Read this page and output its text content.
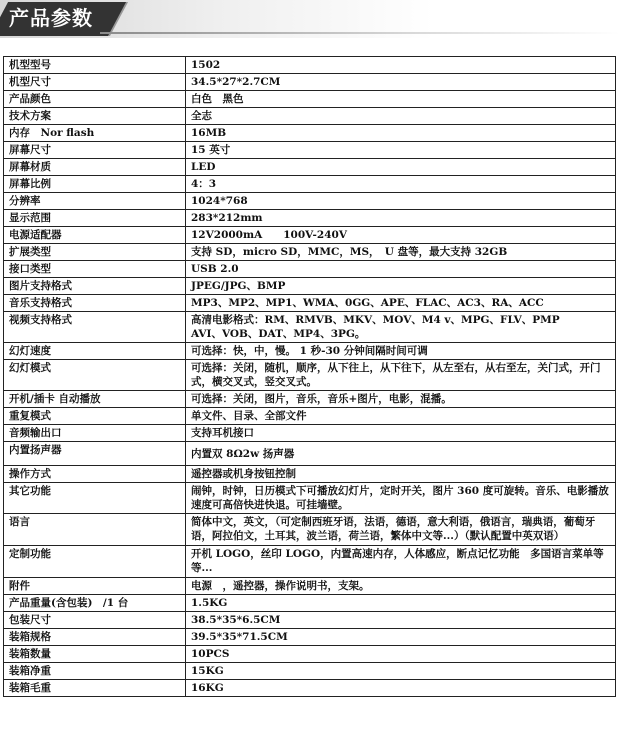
产品参数
机型型号	1502
机型尺寸	34.5*27*2.7CM
产品颜色	白色　黑色
技术方案	全志
内存　Nor flash	16MB
屏幕尺寸	15 英寸
屏幕材质	LED
屏幕比例	4：3
分辨率	1024*768
显示范围	283*212mm
电源适配器	12V2000mA　　100V-240V
扩展类型	支持 SD，micro SD，MMC，MS，　U 盘等，最大支持 32GB
接口类型	USB 2.0
图片支持格式	JPEG/JPG、BMP
音乐支持格式	MP3、MP2、MP1、WMA、0GG、APE、FLAC、AC3、RA、ACC
视频支持格式	高清电影格式：RM、RMVB、MKV、MOV、M4 v、MPG、FLV、PMP
AVI、VOB、DAT、MP4、3PG。

幻灯速度	可选择：快，中，慢。 1 秒-30 分钟间隔时间可调
幻灯模式	可选择：关闭，随机，顺序，从下往上，从下往下，从左至右，从右至左，关门式，开门式，横交叉式，竖交叉式。
开机/插卡 自动播放	可选择：关闭，图片，音乐，音乐+图片，电影，混播。
重复模式	单文件、目录、全部文件
音频输出口	支持耳机接口
内置扬声器	内置双 8Ω2w 扬声器
操作方式	遥控器或机身按钮控制
其它功能	闹钟，时钟，日历模式下可播放幻灯片，定时开关，图片 360 度可旋转。音乐、电影播放速度可高倍快进快退。可挂墙壁。
语言	简体中文，英文，（可定制西班牙语，法语，德语，意大利语，俄语言，瑞典语，葡萄牙语，阿拉伯文，土耳其，波兰语，荷兰语，繁体中文等...）（默认配置中英双语）
定制功能	开机 LOGO，丝印 LOGO，内置高速内存，人体感应，断点记忆功能　多国语言菜单等等...
附件	电源　，遥控器，操作说明书，支架。
产品重量(含包装)　/1 台	1.5KG
包装尺寸	38.5*35*6.5CM
装箱规格	39.5*35*71.5CM
装箱数量	10PCS
装箱净重	15KG
装箱毛重	16KG
